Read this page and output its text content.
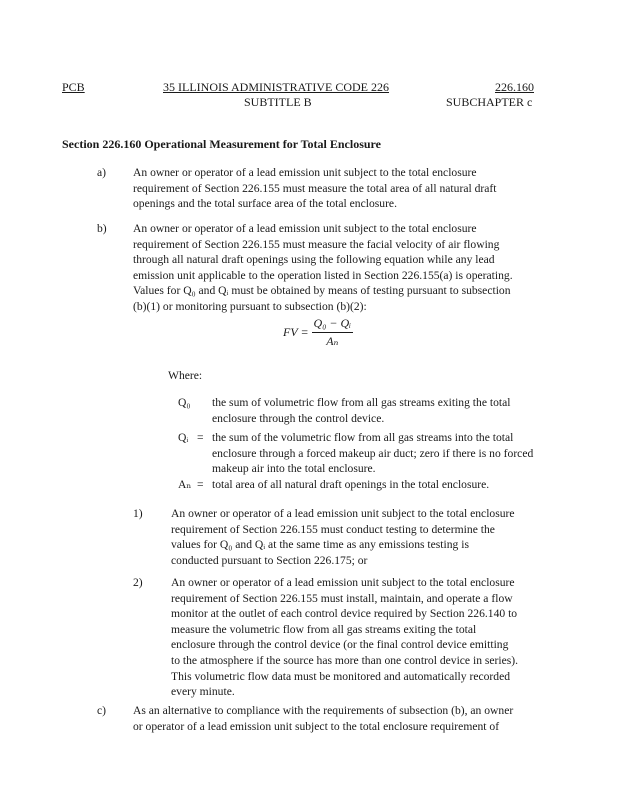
PCB	35 ILLINOIS ADMINISTRATIVE CODE 226	226.160
SUBTITLE B	SUBCHAPTER c
Section 226.160 Operational Measurement for Total Enclosure
a) An owner or operator of a lead emission unit subject to the total enclosure
requirement of Section 226.155 must measure the total area of all natural draft
openings and the total surface area of the total enclosure.
b) An owner or operator of a lead emission unit subject to the total enclosure
requirement of Section 226.155 must measure the facial velocity of air flowing
through all natural draft openings using the following equation while any lead
emission unit applicable to the operation listed in Section 226.155(a) is operating.
Values for Q₀ and Qᵢ must be obtained by means of testing pursuant to subsection
(b)(1) or monitoring pursuant to subsection (b)(2):
FV = $\frac{\text{Q₀ − Qᵢ}}{\text{Aₙ}}$
Where:
Q₀ the sum of volumetric flow from all gas streams exiting the total
enclosure through the control device.
Qᵢ = the sum of the volumetric flow from all gas streams into the total
enclosure through a forced makeup air duct; zero if there is no forced
makeup air into the total enclosure.
Aₙ = total area of all natural draft openings in the total enclosure.
1) An owner or operator of a lead emission unit subject to the total enclosure
requirement of Section 226.155 must conduct testing to determine the
values for Q₀ and Qᵢ at the same time as any emissions testing is
conducted pursuant to Section 226.175; or
2) An owner or operator of a lead emission unit subject to the total enclosure
requirement of Section 226.155 must install, maintain, and operate a flow
monitor at the outlet of each control device required by Section 226.140 to
measure the volumetric flow from all gas streams exiting the total
enclosure through the control device (or the final control device emitting
to the atmosphere if the source has more than one control device in series).
This volumetric flow data must be monitored and automatically recorded
every minute.
c) As an alternative to compliance with the requirements of subsection (b), an owner
or operator of a lead emission unit subject to the total enclosure requirement of
